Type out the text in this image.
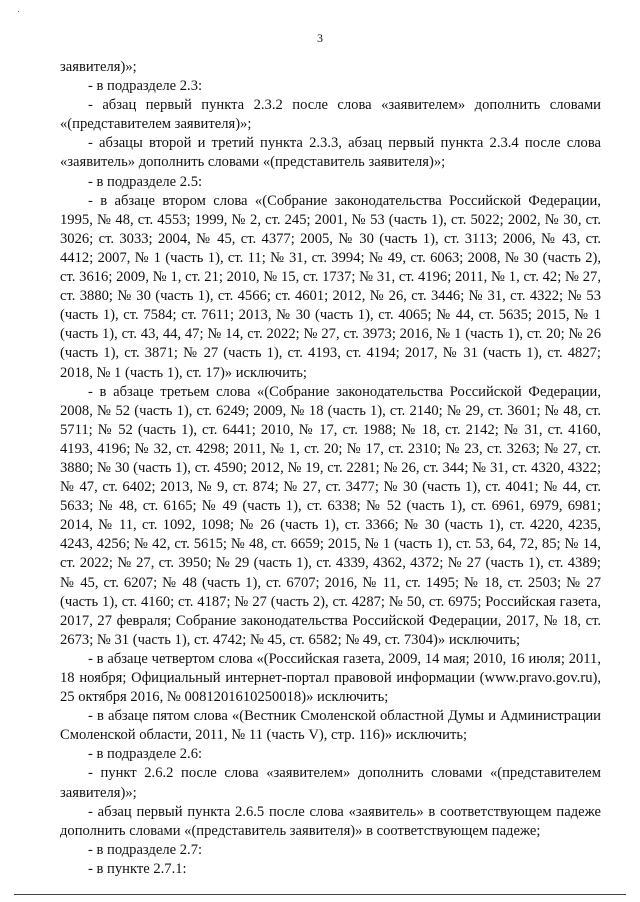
3

заявителя)»;

- в подразделе 2.3:

- абзац первый пункта 2.3.2 после слова «заявителем» дополнить словами «(представителем заявителя)»;

- абзацы второй и третий пункта 2.3.3, абзац первый пункта 2.3.4 после слова «заявитель» дополнить словами «(представитель заявителя)»;

- в подразделе 2.5:

- в абзаце втором слова «(Собрание законодательства Российской Федерации, 1995, № 48, ст. 4553; 1999, № 2, ст. 245; 2001, № 53 (часть 1), ст. 5022; 2002, № 30, ст. 3026; ст. 3033; 2004, № 45, ст. 4377; 2005, № 30 (часть 1), ст. 3113; 2006, № 43, ст. 4412; 2007, № 1 (часть 1), ст. 11; № 31, ст. 3994; № 49, ст. 6063; 2008, № 30 (часть 2), ст. 3616; 2009, № 1, ст. 21; 2010, № 15, ст. 1737; № 31, ст. 4196; 2011, № 1, ст. 42; № 27, ст. 3880; № 30 (часть 1), ст. 4566; ст. 4601; 2012, № 26, ст. 3446; № 31, ст. 4322; № 53 (часть 1), ст. 7584; ст. 7611; 2013, № 30 (часть 1), ст. 4065; № 44, ст. 5635; 2015, № 1 (часть 1), ст. 43, 44, 47; № 14, ст. 2022; № 27, ст. 3973; 2016, № 1 (часть 1), ст. 20; № 26 (часть 1), ст. 3871; № 27 (часть 1), ст. 4193, ст. 4194; 2017, № 31 (часть 1), ст. 4827; 2018, № 1 (часть 1), ст. 17)» исключить;

- в абзаце третьем слова «(Собрание законодательства Российской Федерации, 2008, № 52 (часть 1), ст. 6249; 2009, № 18 (часть 1), ст. 2140; № 29, ст. 3601; № 48, ст. 5711; № 52 (часть 1), ст. 6441; 2010, № 17, ст. 1988; № 18, ст. 2142; № 31, ст. 4160, 4193, 4196; № 32, ст. 4298; 2011, № 1, ст. 20; № 17, ст. 2310; № 23, ст. 3263; № 27, ст. 3880; № 30 (часть 1), ст. 4590; 2012, № 19, ст. 2281; № 26, ст. 344; № 31, ст. 4320, 4322; № 47, ст. 6402; 2013, № 9, ст. 874; № 27, ст. 3477; № 30 (часть 1), ст. 4041; № 44, ст. 5633; № 48, ст. 6165; № 49 (часть 1), ст. 6338; № 52 (часть 1), ст. 6961, 6979, 6981; 2014, № 11, ст. 1092, 1098; № 26 (часть 1), ст. 3366; № 30 (часть 1), ст. 4220, 4235, 4243, 4256; № 42, ст. 5615; № 48, ст. 6659; 2015, № 1 (часть 1), ст. 53, 64, 72, 85; № 14, ст. 2022; № 27, ст. 3950; № 29 (часть 1), ст. 4339, 4362, 4372; № 27 (часть 1), ст. 4389; № 45, ст. 6207; № 48 (часть 1), ст. 6707; 2016, № 11, ст. 1495; № 18, ст. 2503; № 27 (часть 1), ст. 4160; ст. 4187; № 27 (часть 2), ст. 4287; № 50, ст. 6975; Российская газета, 2017, 27 февраля; Собрание законодательства Российской Федерации, 2017, № 18, ст. 2673; № 31 (часть 1), ст. 4742; № 45, ст. 6582; № 49, ст. 7304)» исключить;

- в абзаце четвертом слова «(Российская газета, 2009, 14 мая; 2010, 16 июля; 2011, 18 ноября; Официальный интернет-портал правовой информации (www.pravo.gov.ru), 25 октября 2016, № 0081201610250018)» исключить;

- в абзаце пятом слова «(Вестник Смоленской областной Думы и Администрации Смоленской области, 2011, № 11 (часть V), стр. 116)» исключить;

- в подразделе 2.6:

- пункт 2.6.2 после слова «заявителем» дополнить словами «(представителем заявителя)»;

- абзац первый пункта 2.6.5 после слова «заявитель» в соответствующем падеже дополнить словами «(представитель заявителя)» в соответствующем падеже;

- в подразделе 2.7:

- в пункте 2.7.1:
